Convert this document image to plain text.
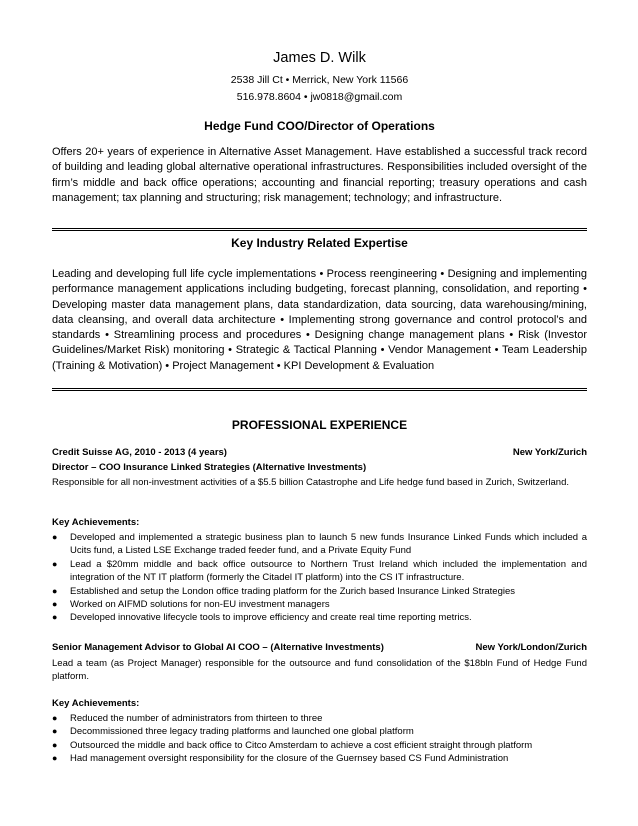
James D. Wilk
2538 Jill Ct • Merrick, New York 11566
516.978.8604 • jw0818@gmail.com
Hedge Fund COO/Director of Operations
Offers 20+ years of experience in Alternative Asset Management. Have established a successful track record of building and leading global alternative operational infrastructures. Responsibilities included oversight of the firm’s middle and back office operations; accounting and financial reporting; treasury operations and cash management; tax planning and structuring; risk management; technology; and infrastructure.
Key Industry Related Expertise
Leading and developing full life cycle implementations • Process reengineering • Designing and implementing performance management applications including budgeting, forecast planning, consolidation, and reporting • Developing master data management plans, data standardization, data sourcing, data warehousing/mining, data cleansing, and overall data architecture • Implementing strong governance and control protocol’s and standards • Streamlining process and procedures • Designing change management plans • Risk (Investor Guidelines/Market Risk) monitoring • Strategic & Tactical Planning • Vendor Management • Team Leadership (Training & Motivation) • Project Management • KPI Development & Evaluation
PROFESSIONAL EXPERIENCE
Credit Suisse AG, 2010 - 2013 (4 years)	New York/Zurich
Director – COO Insurance Linked Strategies (Alternative Investments)
Responsible for all non-investment activities of a $5.5 billion Catastrophe and Life hedge fund based in Zurich, Switzerland.
Key Achievements:
● Developed and implemented a strategic business plan to launch 5 new funds Insurance Linked Funds which included a Ucits fund, a Listed LSE Exchange traded feeder fund, and a Private Equity Fund
● Lead a $20mm middle and back office outsource to Northern Trust Ireland which included the implementation and integration of the NT IT platform (formerly the Citadel IT platform) into the CS IT infrastructure.
● Established and setup the London office trading platform for the Zurich based Insurance Linked Strategies
● Worked on AIFMD solutions for non-EU investment managers
● Developed innovative lifecycle tools to improve efficiency and create real time reporting metrics.
Senior Management Advisor to Global AI COO – (Alternative Investments)	New York/London/Zurich
Lead a team (as Project Manager) responsible for the outsource and fund consolidation of the $18bln Fund of Hedge Fund platform.
Key Achievements:
● Reduced the number of administrators from thirteen to three
● Decommissioned three legacy trading platforms and launched one global platform
● Outsourced the middle and back office to Citco Amsterdam to achieve a cost efficient straight through platform
● Had management oversight responsibility for the closure of the Guernsey based CS Fund Administration
